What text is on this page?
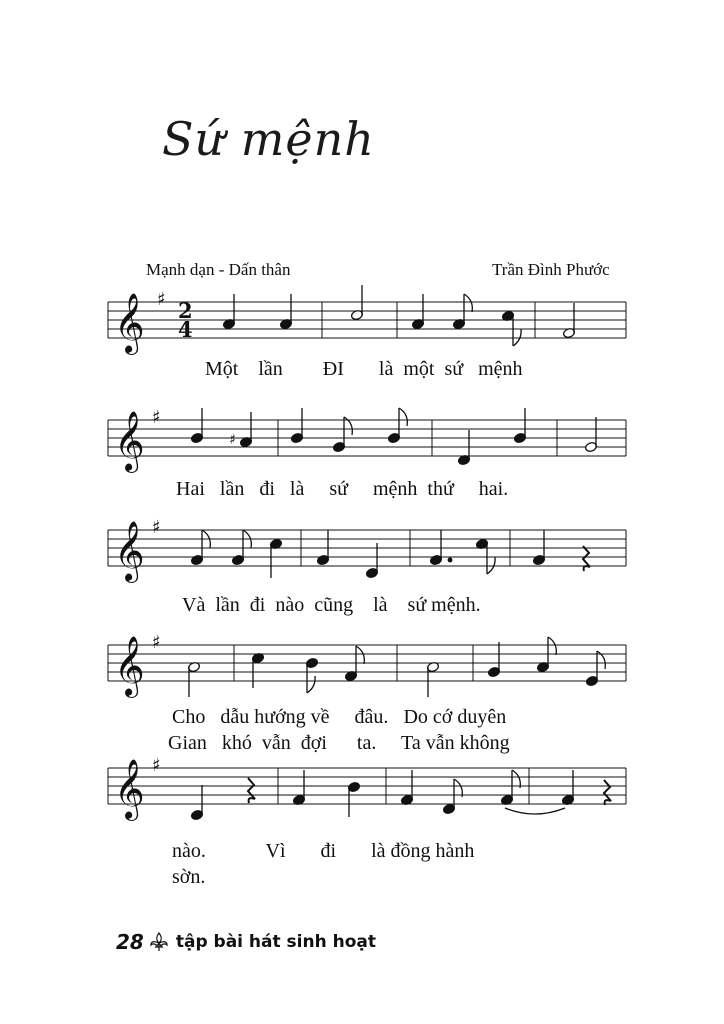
Sứ mệnh
Mạnh dạn - Dấn thân	Trần Đình Phước
𝄞
𝄞
𝄞
𝄞
𝄞
♯
♯
♯
♯
♯
2
4
♯
Một lần ĐI là một sứ mệnh
Hai lần đi là sứ mệnh thứ hai.
Và lần đi nào cũng là sứ mệnh.
Cho dẫu hướng về đâu. Do cớ duyên
Gian khó vẫn đợi ta. Ta vẫn không
nào.	Vì đi là đồng hành
sờn.
28 tập bài hát sinh hoạt
